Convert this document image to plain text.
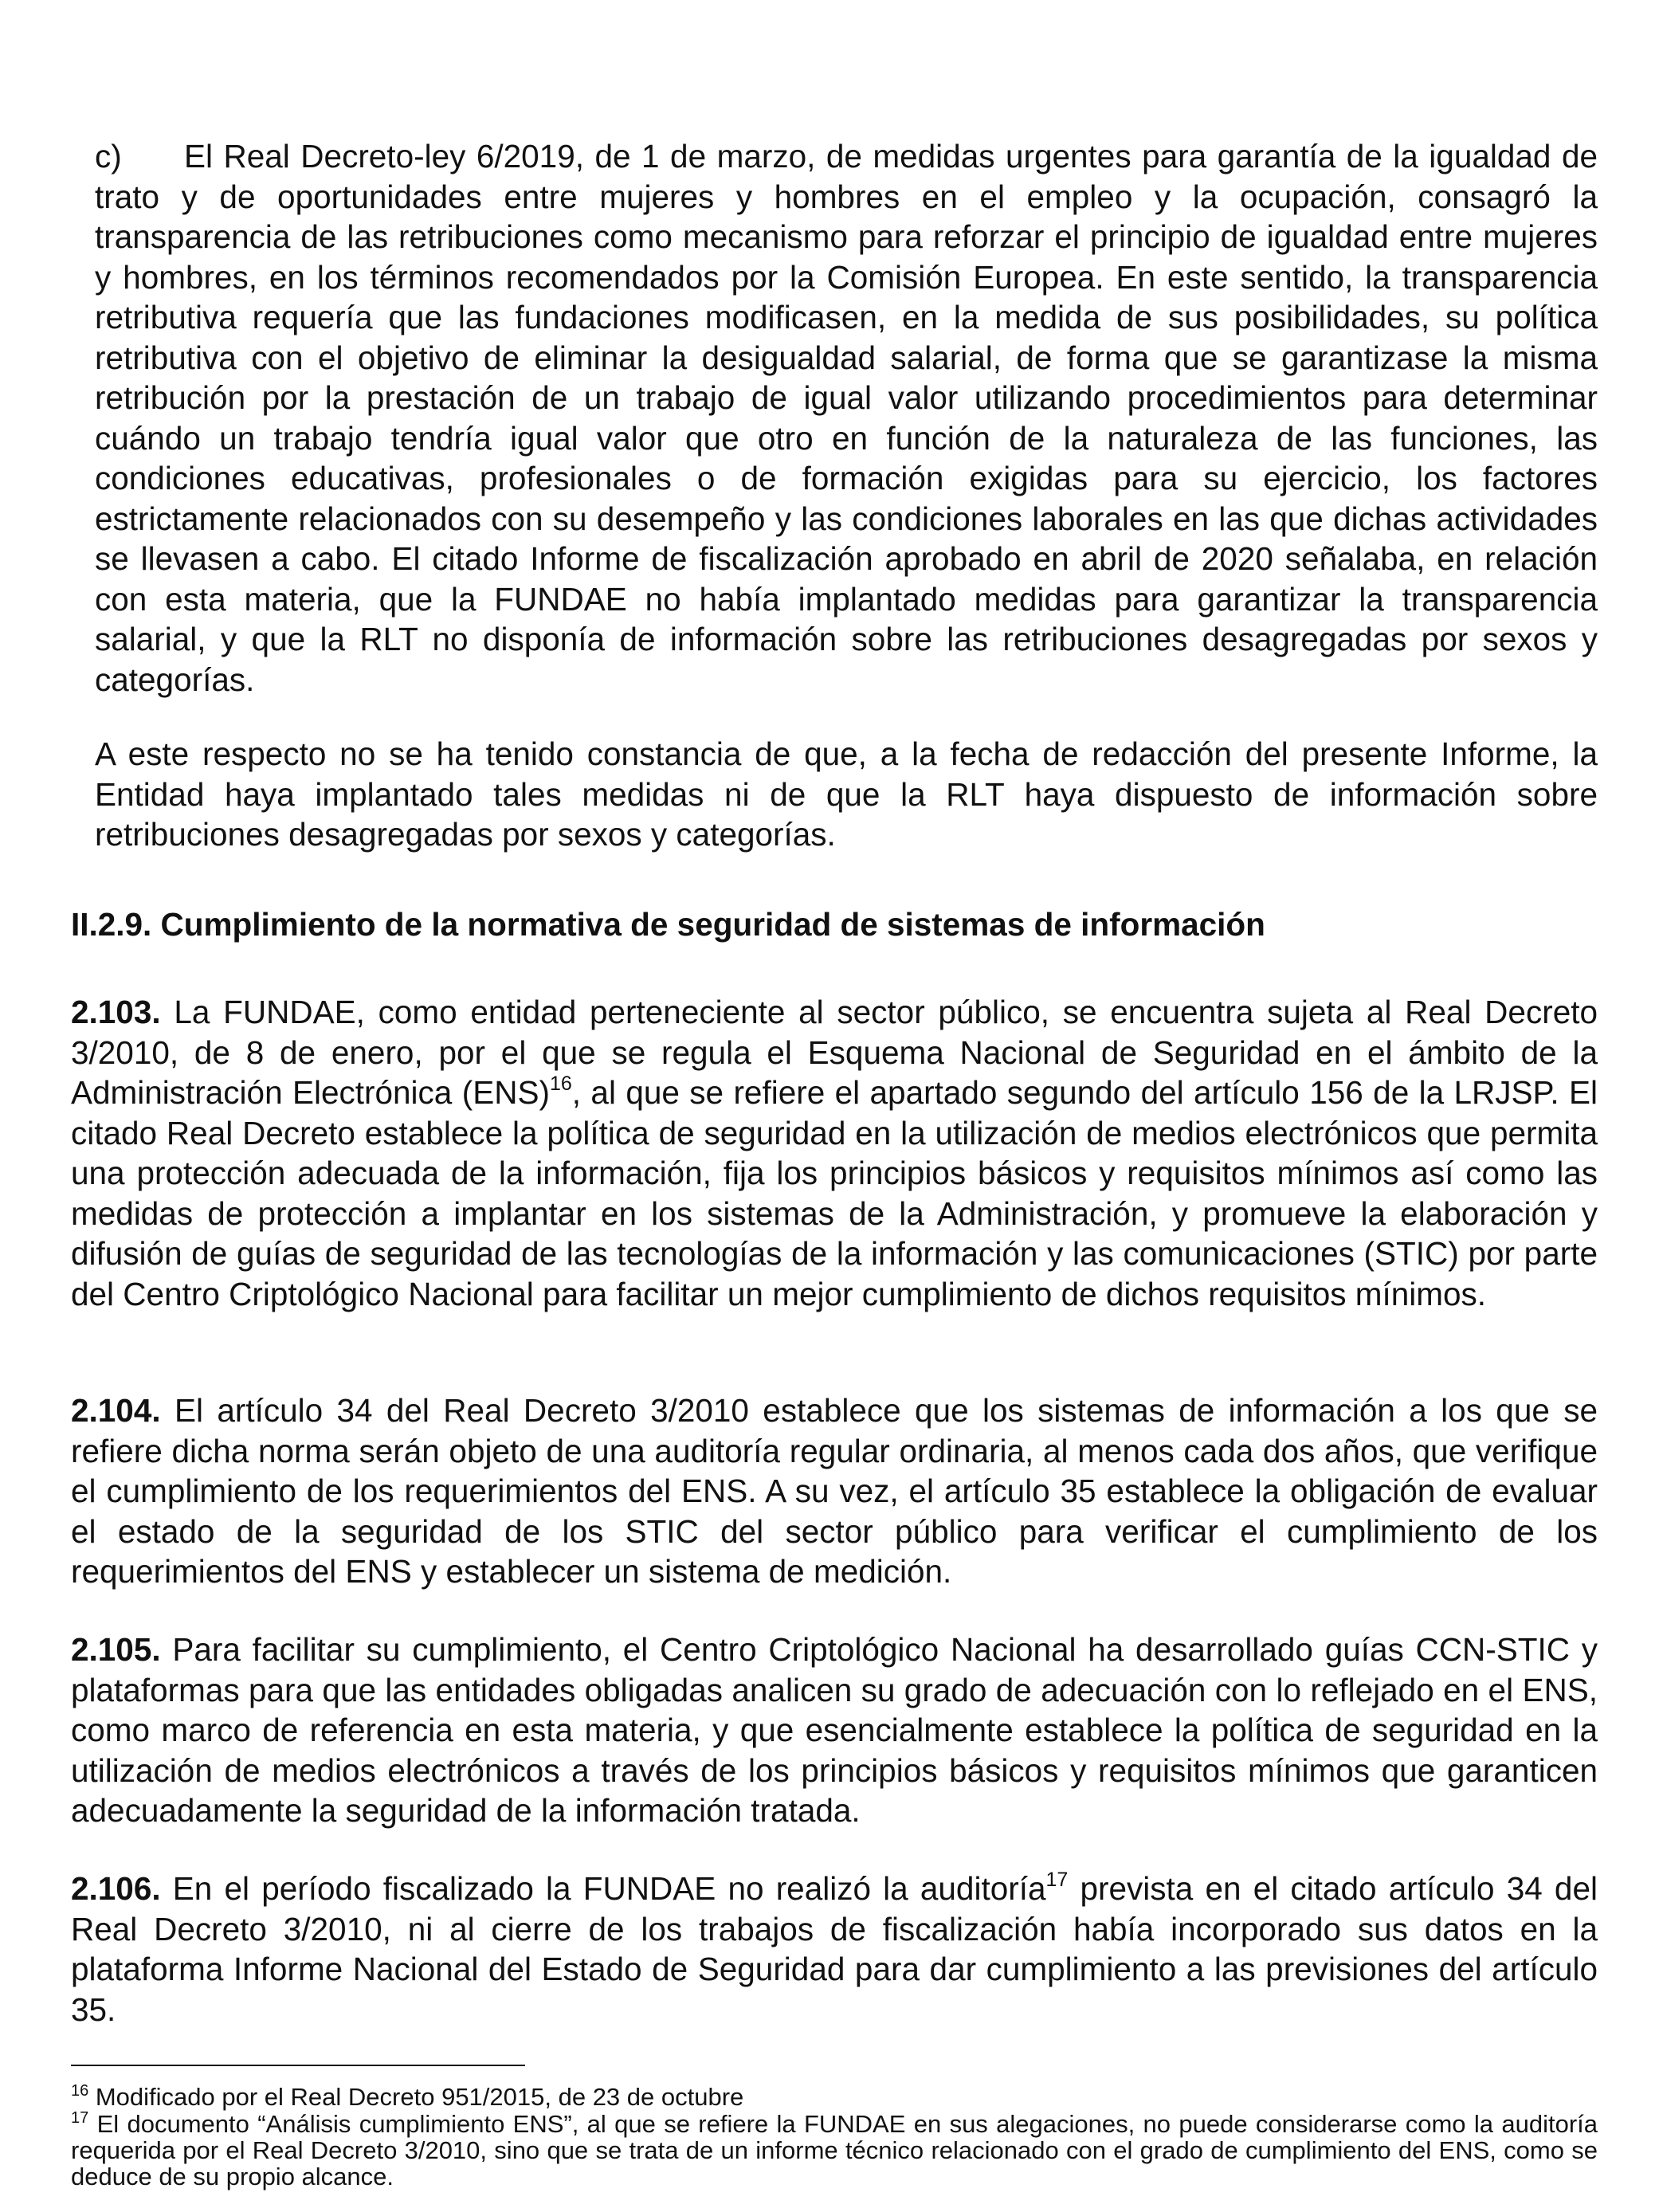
c) El Real Decreto-ley 6/2019, de 1 de marzo, de medidas urgentes para garantía de la igualdad de trato y de oportunidades entre mujeres y hombres en el empleo y la ocupación, consagró la transparencia de las retribuciones como mecanismo para reforzar el principio de igualdad entre mujeres y hombres, en los términos recomendados por la Comisión Europea. En este sentido, la transparencia retributiva requería que las fundaciones modificasen, en la medida de sus posibilidades, su política retributiva con el objetivo de eliminar la desigualdad salarial, de forma que se garantizase la misma retribución por la prestación de un trabajo de igual valor utilizando procedimientos para determinar cuándo un trabajo tendría igual valor que otro en función de la naturaleza de las funciones, las condiciones educativas, profesionales o de formación exigidas para su ejercicio, los factores estrictamente relacionados con su desempeño y las condiciones laborales en las que dichas actividades se llevasen a cabo. El citado Informe de fiscalización aprobado en abril de 2020 señalaba, en relación con esta materia, que la FUNDAE no había implantado medidas para garantizar la transparencia salarial, y que la RLT no disponía de información sobre las retribuciones desagregadas por sexos y categorías.

A este respecto no se ha tenido constancia de que, a la fecha de redacción del presente Informe, la Entidad haya implantado tales medidas ni de que la RLT haya dispuesto de información sobre retribuciones desagregadas por sexos y categorías.

II.2.9. Cumplimiento de la normativa de seguridad de sistemas de información

2.103. La FUNDAE, como entidad perteneciente al sector público, se encuentra sujeta al Real Decreto 3/2010, de 8 de enero, por el que se regula el Esquema Nacional de Seguridad en el ámbito de la Administración Electrónica (ENS)$^{16}$, al que se refiere el apartado segundo del artículo 156 de la LRJSP. El citado Real Decreto establece la política de seguridad en la utilización de medios electrónicos que permita una protección adecuada de la información, fija los principios básicos y requisitos mínimos así como las medidas de protección a implantar en los sistemas de la Administración, y promueve la elaboración y difusión de guías de seguridad de las tecnologías de la información y las comunicaciones (STIC) por parte del Centro Criptológico Nacional para facilitar un mejor cumplimiento de dichos requisitos mínimos.

2.104. El artículo 34 del Real Decreto 3/2010 establece que los sistemas de información a los que se refiere dicha norma serán objeto de una auditoría regular ordinaria, al menos cada dos años, que verifique el cumplimiento de los requerimientos del ENS. A su vez, el artículo 35 establece la obligación de evaluar el estado de la seguridad de los STIC del sector público para verificar el cumplimiento de los requerimientos del ENS y establecer un sistema de medición.

2.105. Para facilitar su cumplimiento, el Centro Criptológico Nacional ha desarrollado guías CCN-STIC y plataformas para que las entidades obligadas analicen su grado de adecuación con lo reflejado en el ENS, como marco de referencia en esta materia, y que esencialmente establece la política de seguridad en la utilización de medios electrónicos a través de los principios básicos y requisitos mínimos que garanticen adecuadamente la seguridad de la información tratada.

2.106. En el período fiscalizado la FUNDAE no realizó la auditoría$^{17}$ prevista en el citado artículo 34 del Real Decreto 3/2010, ni al cierre de los trabajos de fiscalización había incorporado sus datos en la plataforma Informe Nacional del Estado de Seguridad para dar cumplimiento a las previsiones del artículo 35.

$^{16}$ Modificado por el Real Decreto 951/2015, de 23 de octubre

$^{17}$ El documento “Análisis cumplimiento ENS”, al que se refiere la FUNDAE en sus alegaciones, no puede considerarse como la auditoría requerida por el Real Decreto 3/2010, sino que se trata de un informe técnico relacionado con el grado de cumplimiento del ENS, como se deduce de su propio alcance.
